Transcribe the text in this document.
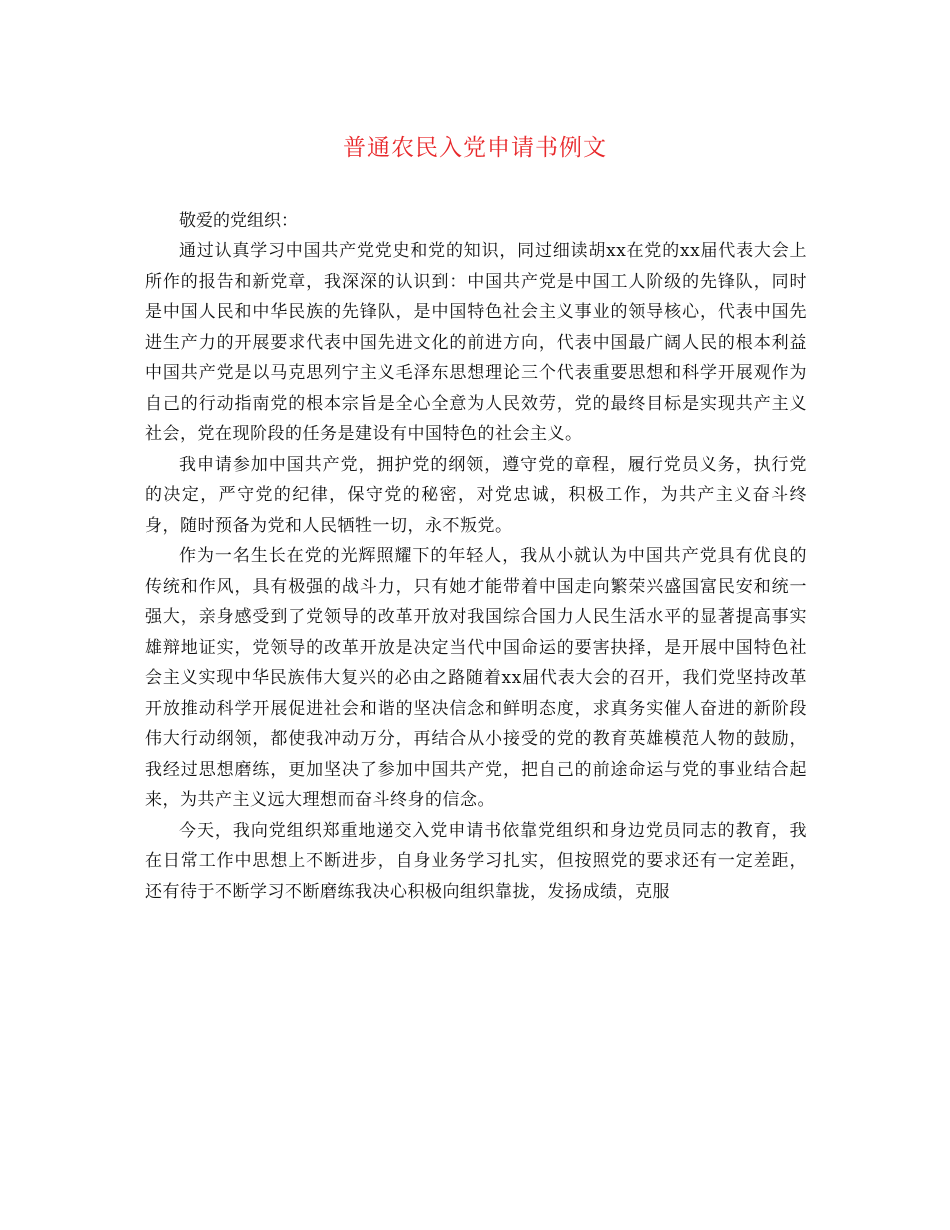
普通农民入党申请书例文

敬爱的党组织：

通过认真学习中国共产党党史和党的知识，同过细读胡xx在党的xx届代表大会上所作的报告和新党章，我深深的认识到：中国共产党是中国工人阶级的先锋队，同时是中国人民和中华民族的先锋队，是中国特色社会主义事业的领导核心，代表中国先进生产力的开展要求代表中国先进文化的前进方向，代表中国最广阔人民的根本利益中国共产党是以马克思列宁主义毛泽东思想理论三个代表重要思想和科学开展观作为自己的行动指南党的根本宗旨是全心全意为人民效劳，党的最终目标是实现共产主义社会，党在现阶段的任务是建设有中国特色的社会主义。

我申请参加中国共产党，拥护党的纲领，遵守党的章程，履行党员义务，执行党的决定，严守党的纪律，保守党的秘密，对党忠诚，积极工作，为共产主义奋斗终身，随时预备为党和人民牺牲一切，永不叛党。

作为一名生长在党的光辉照耀下的年轻人，我从小就认为中国共产党具有优良的传统和作风，具有极强的战斗力，只有她才能带着中国走向繁荣兴盛国富民安和统一强大，亲身感受到了党领导的改革开放对我国综合国力人民生活水平的显著提高事实雄辩地证实，党领导的改革开放是决定当代中国命运的要害抉择，是开展中国特色社会主义实现中华民族伟大复兴的必由之路随着xx届代表大会的召开，我们党坚持改革开放推动科学开展促进社会和谐的坚决信念和鲜明态度，求真务实催人奋进的新阶段伟大行动纲领，都使我冲动万分，再结合从小接受的党的教育英雄模范人物的鼓励，我经过思想磨练，更加坚决了参加中国共产党，把自己的前途命运与党的事业结合起来，为共产主义远大理想而奋斗终身的信念。

今天，我向党组织郑重地递交入党申请书依靠党组织和身边党员同志的教育，我在日常工作中思想上不断进步，自身业务学习扎实，但按照党的要求还有一定差距，还有待于不断学习不断磨练我决心积极向组织靠拢，发扬成绩，克服
